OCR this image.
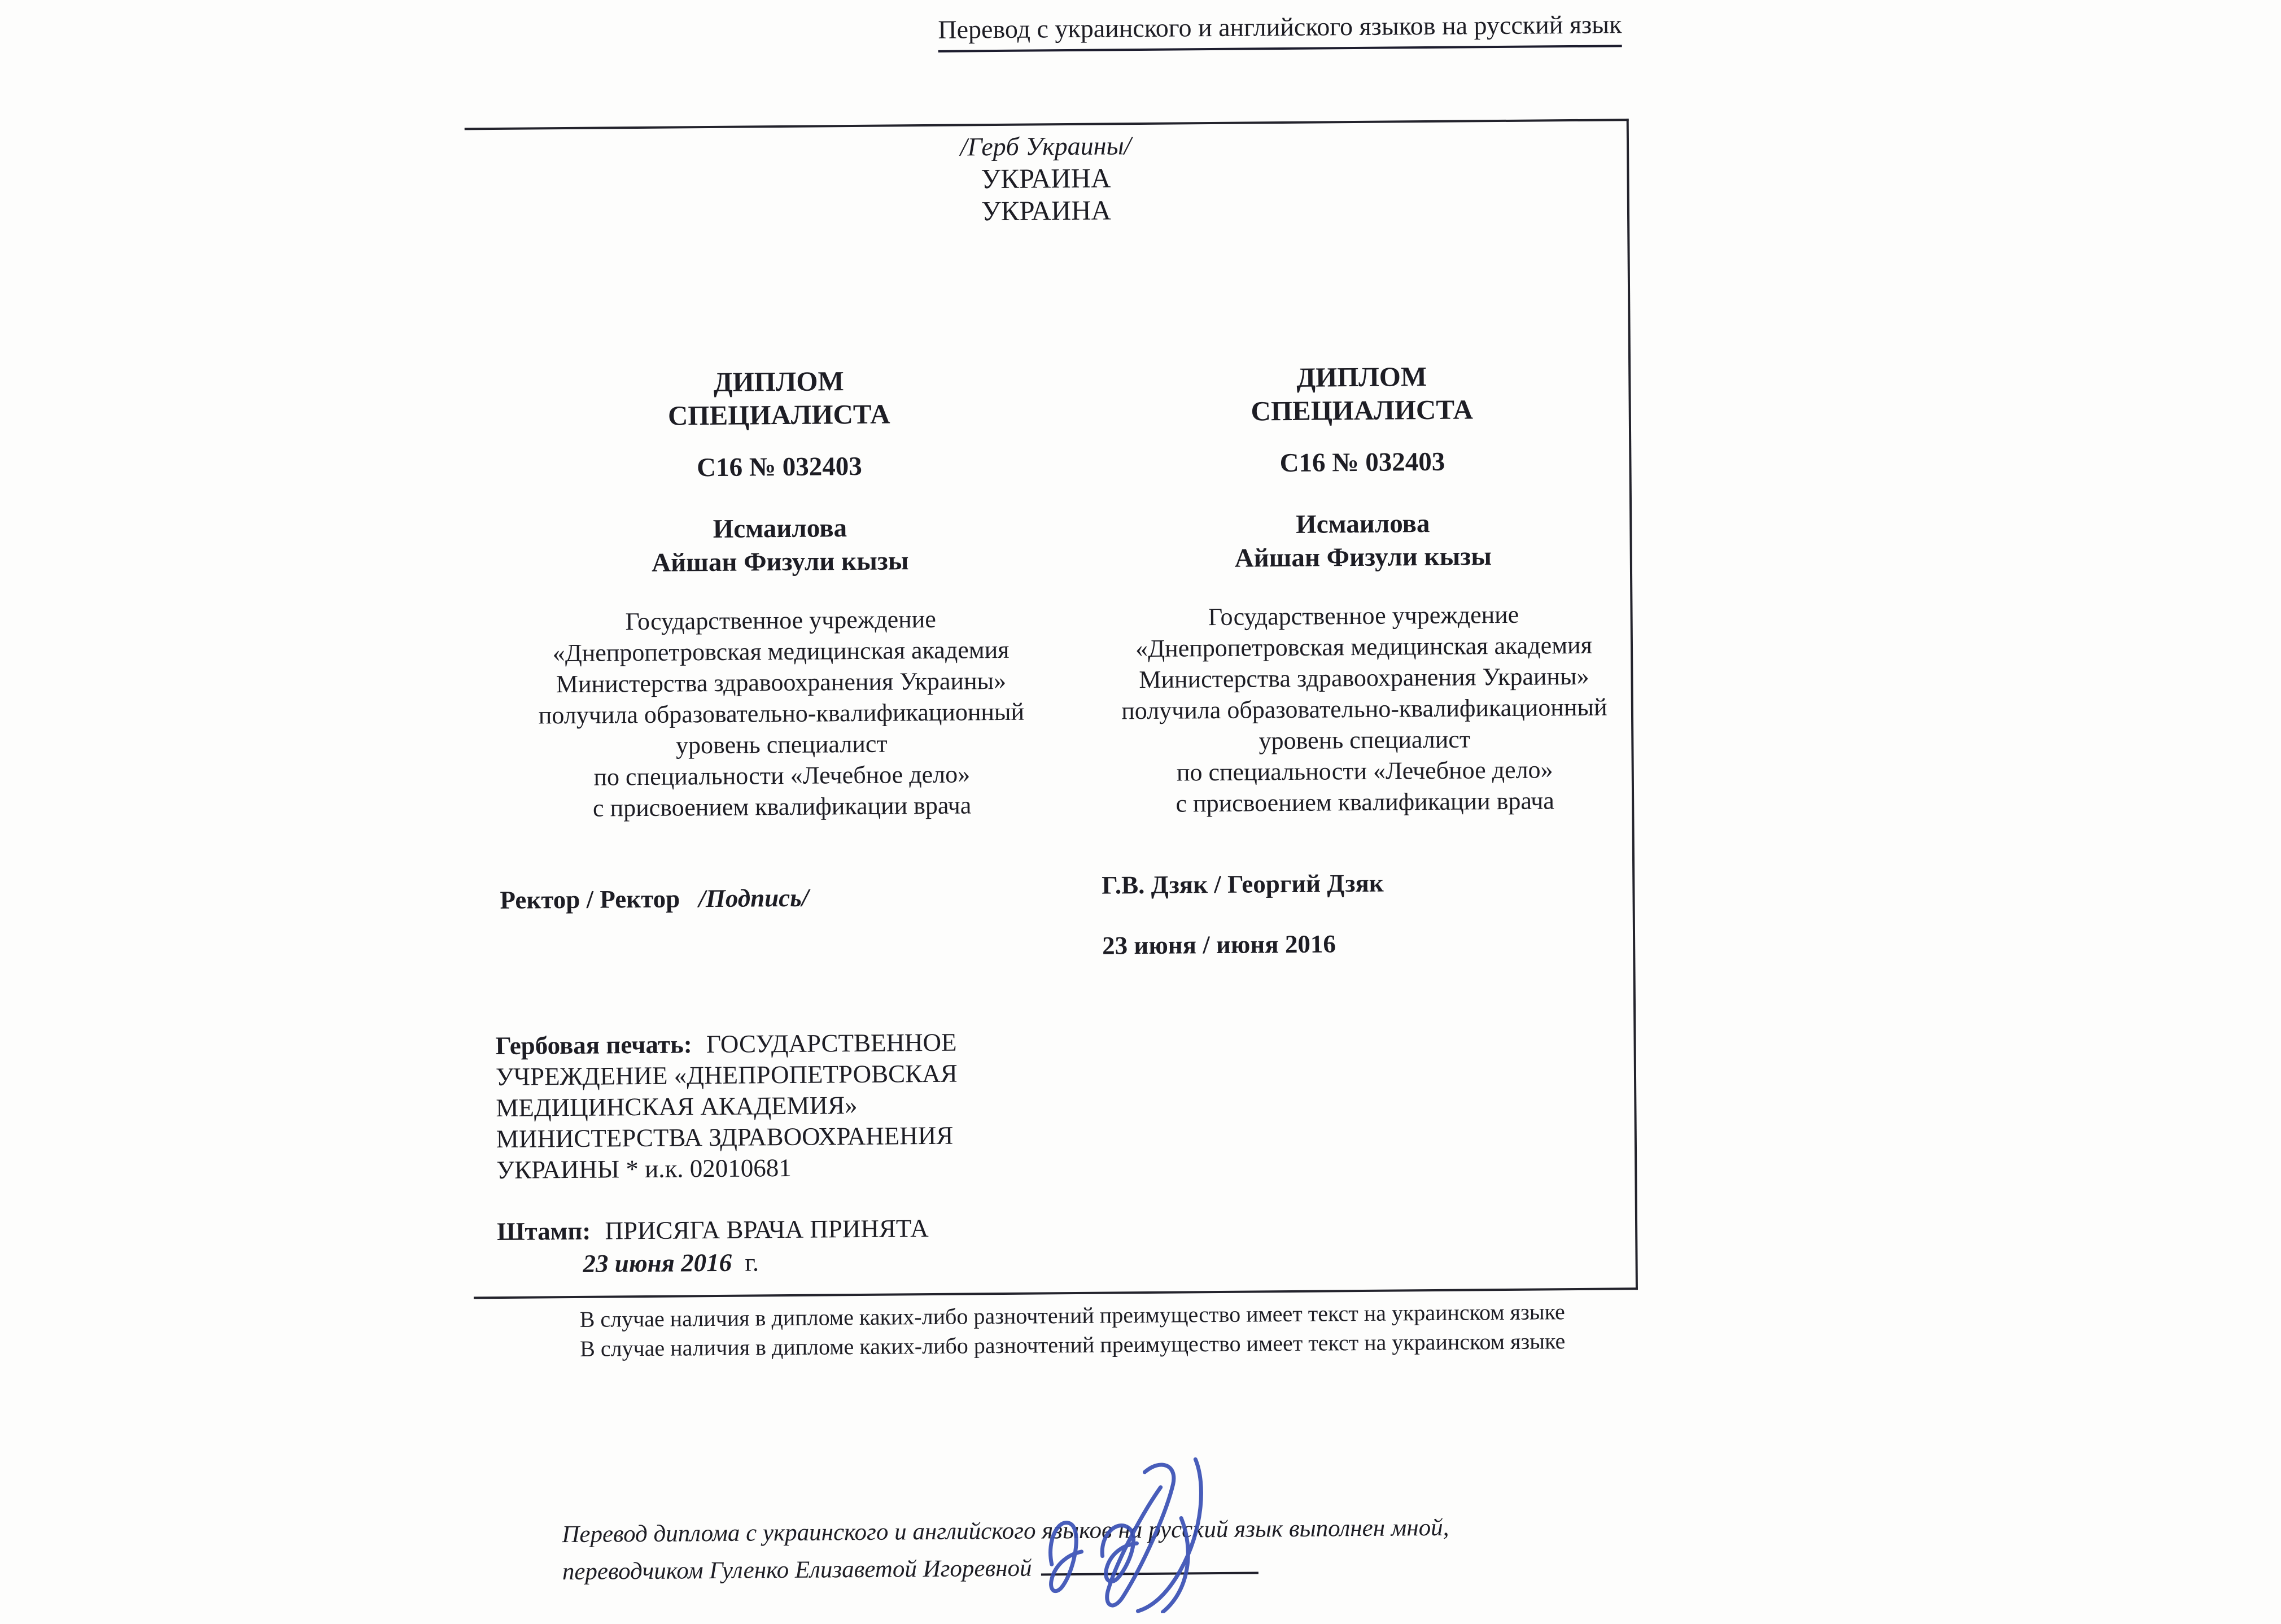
Перевод с украинского и английского языков на русский язык
/Герб Украины/
УКРАИНА
УКРАИНА
ДИПЛОМ
СПЕЦИАЛИСТА
С16 № 032403
Исмаилова
Айшан Физули кызы
Государственное учреждение
«Днепропетровская медицинская академия
Министерства здравоохранения Украины»
получила образовательно-квалификационный
уровень специалист
по специальности «Лечебное дело»
с присвоением квалификации врача
Ректор / Ректор /Подпись/
Гербовая печать: ГОСУДАРСТВЕННОЕ
УЧРЕЖДЕНИЕ «ДНЕПРОПЕТРОВСКАЯ
МЕДИЦИНСКАЯ АКАДЕМИЯ»
МИНИСТЕРСТВА ЗДРАВООХРАНЕНИЯ
УКРАИНЫ * и.к. 02010681
Штамп: ПРИСЯГА ВРАЧА ПРИНЯТА
23 июня 2016 г.
ДИПЛОМ
СПЕЦИАЛИСТА
С16 № 032403
Исмаилова
Айшан Физули кызы
Государственное учреждение
«Днепропетровская медицинская академия
Министерства здравоохранения Украины»
получила образовательно-квалификационный
уровень специалист
по специальности «Лечебное дело»
с присвоением квалификации врача
Г.В. Дзяк / Георгий Дзяк
23 июня / июня 2016
В случае наличия в дипломе каких-либо разночтений преимущество имеет текст на украинском языке
В случае наличия в дипломе каких-либо разночтений преимущество имеет текст на украинском языке
Перевод диплома с украинского и английского языков на русский язык выполнен мной,
переводчиком Гуленко Елизаветой Игоревной
